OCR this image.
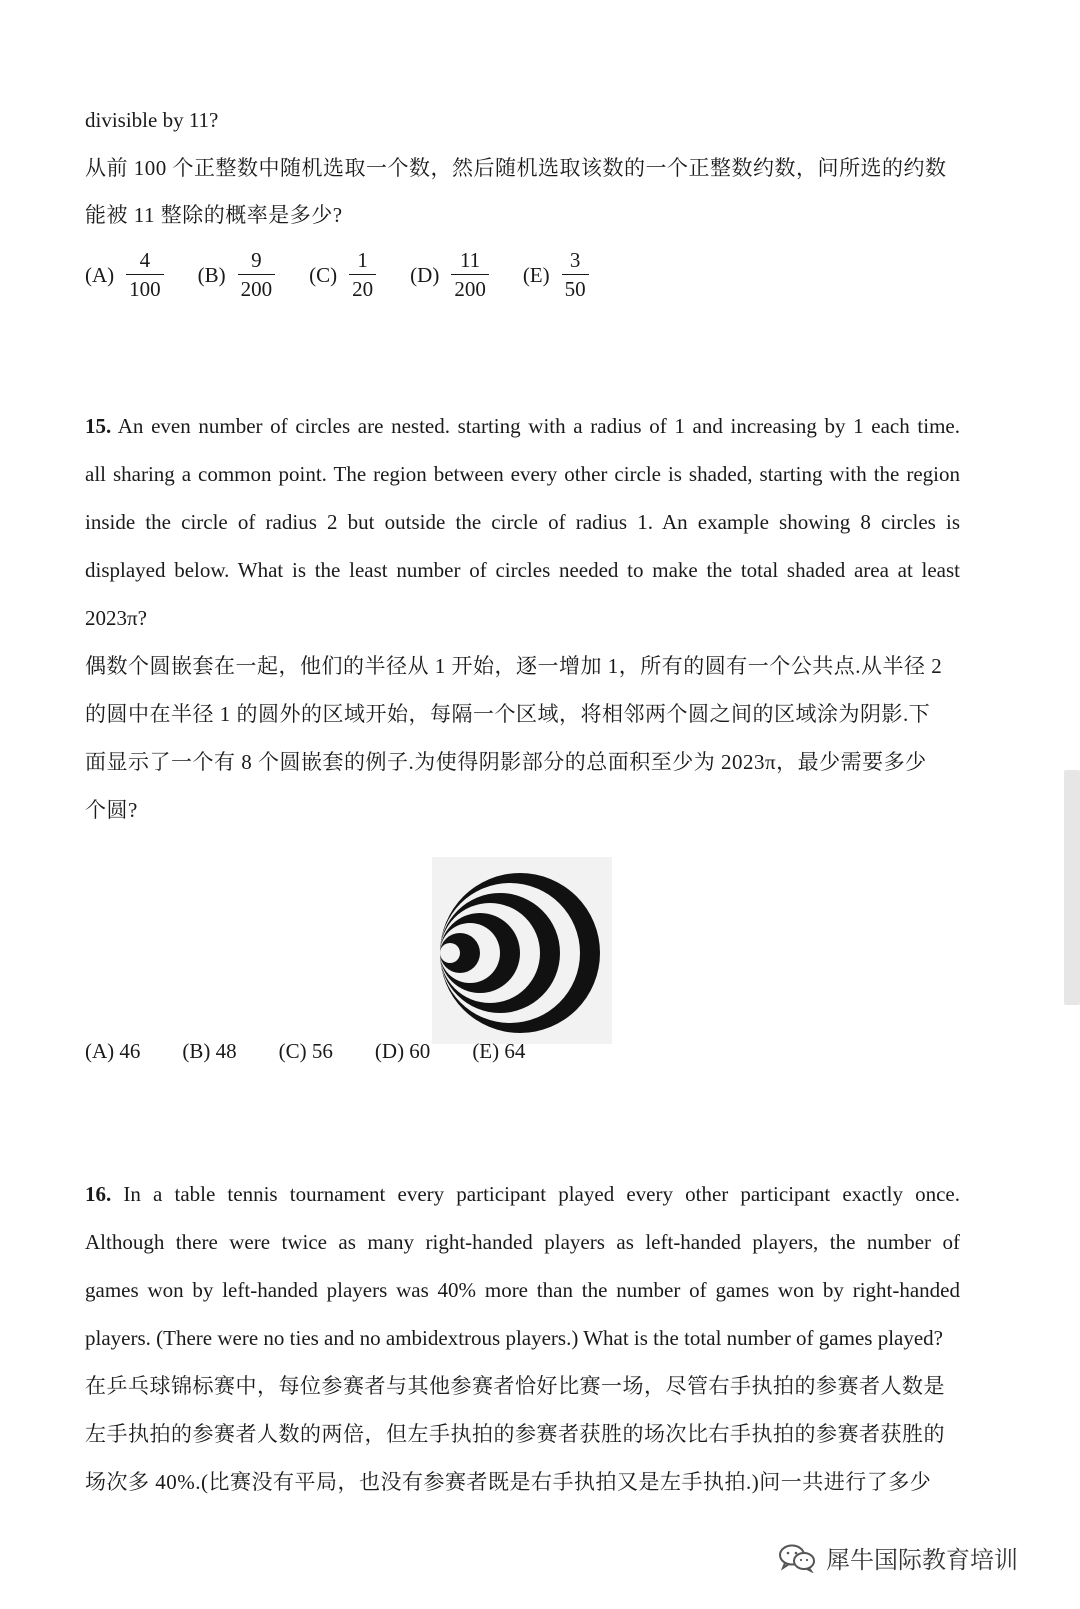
divisible by 11?
从前 100 个正整数中随机选取一个数，然后随机选取该数的一个正整数约数，问所选的约数
能被 11 整除的概率是多少?
$(A) \frac{4}{100} (B) \frac{9}{200} (C) \frac{1}{20} (D) \frac{11}{200} (E) \frac{3}{50}$
15. An even number of circles are nested. starting with a radius of 1 and increasing by 1 each time.
all sharing a common point. The region between every other circle is shaded, starting with the region
inside the circle of radius 2 but outside the circle of radius 1. An example showing 8 circles is
displayed below. What is the least number of circles needed to make the total shaded area at least
2023π?
偶数个圆嵌套在一起，他们的半径从 1 开始，逐一增加 1，所有的圆有一个公共点.从半径 2
的圆中在半径 1 的圆外的区域开始，每隔一个区域，将相邻两个圆之间的区域涂为阴影.下
面显示了一个有 8 个圆嵌套的例子.为使得阴影部分的总面积至少为 2023π，最少需要多少
个圆?
(A) 46 (B) 48 (C) 56 (D) 60 (E) 64
16. In a table tennis tournament every participant played every other participant exactly once.
Although there were twice as many right-handed players as left-handed players, the number of
games won by left-handed players was 40% more than the number of games won by right-handed
players. (There were no ties and no ambidextrous players.) What is the total number of games played?
在乒乓球锦标赛中，每位参赛者与其他参赛者恰好比赛一场，尽管右手执拍的参赛者人数是
左手执拍的参赛者人数的两倍，但左手执拍的参赛者获胜的场次比右手执拍的参赛者获胜的
场次多 40%.(比赛没有平局，也没有参赛者既是右手执拍又是左手执拍.)问一共进行了多少
犀牛国际教育培训
